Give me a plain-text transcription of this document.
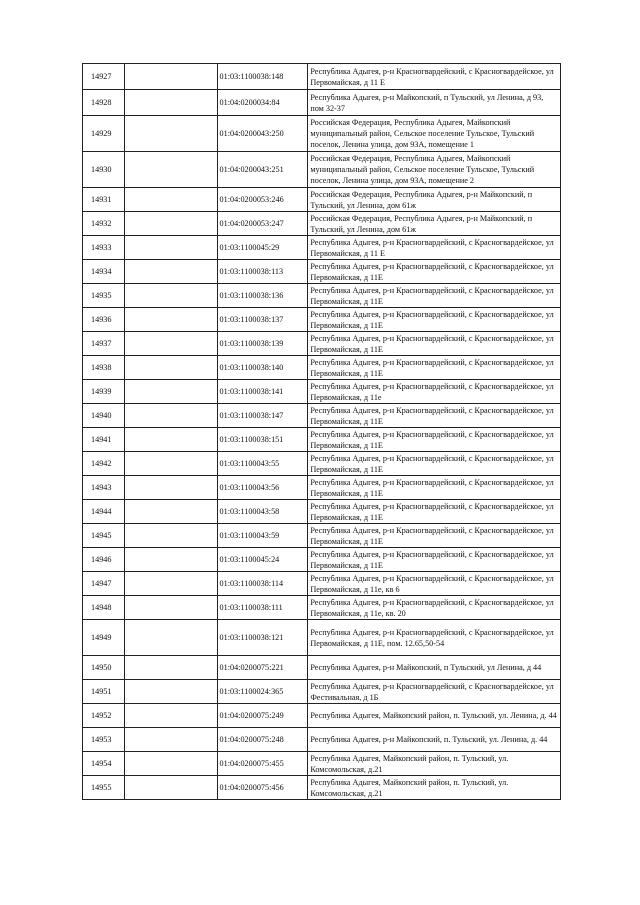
14927		01:03:1100038:148	Республика Адыгея, р-н Красногвардейский, с Красногвардейское, ул Первомайская, д 11 Е
14928		01:04:0200034:84	Республика Адыгея, р-н Майкопский, п Тульский, ул Ленина, д 93, пом 32-37
14929		01:04:0200043:250	Российская Федерация, Республика Адыгея, Майкопский муниципальный район, Сельское поселение Тульское, Тульский поселок, Ленина улица, дом 93А, помещение 1
14930		01:04:0200043:251	Российская Федерация, Республика Адыгея, Майкопский муниципальный район, Сельское поселение Тульское, Тульский поселок, Ленина улица, дом 93А, помещение 2
14931		01:04:0200053:246	Российская Федерация, Республика Адыгея, р-н Майкопский, п Тульский, ул Ленина, дом 61ж
14932		01:04:0200053:247	Российская Федерация, Республика Адыгея, р-н Майкопский, п Тульский, ул Ленина, дом 61ж
14933		01:03:1100045:29	Республика Адыгея, р-н Красногвардейский, с Красногвардейское, ул Первомайская, д 11 Е
14934		01:03:1100038:113	Республика Адыгея, р-н Красногвардейский, с Красногвардейское, ул Первомайская, д 11Е
14935		01:03:1100038:136	Республика Адыгея, р-н Красногвардейский, с Красногвардейское, ул Первомайская, д 11Е
14936		01:03:1100038:137	Республика Адыгея, р-н Красногвардейский, с Красногвардейское, ул Первомайская, д 11Е
14937		01:03:1100038:139	Республика Адыгея, р-н Красногвардейский, с Красногвардейское, ул Первомайская, д 11Е
14938		01:03:1100038:140	Республика Адыгея, р-н Красногвардейский, с Красногвардейское, ул Первомайская, д 11Е
14939		01:03:1100038:141	Республика Адыгея, р-н Красногвардейский, с Красногвардейское, ул Первомайская, д 11е
14940		01:03:1100038:147	Республика Адыгея, р-н Красногвардейский, с Красногвардейское, ул Первомайская, д 11Е
14941		01:03:1100038:151	Республика Адыгея, р-н Красногвардейский, с Красногвардейское, ул Первомайская, д 11Е
14942		01:03:1100043:55	Республика Адыгея, р-н Красногвардейский, с Красногвардейское, ул Первомайская, д 11Е
14943		01:03:1100043:56	Республика Адыгея, р-н Красногвардейский, с Красногвардейское, ул Первомайская, д 11Е
14944		01:03:1100043:58	Республика Адыгея, р-н Красногвардейский, с Красногвардейское, ул Первомайская, д 11Е
14945		01:03:1100043:59	Республика Адыгея, р-н Красногвардейский, с Красногвардейское, ул Первомайская, д 11Е
14946		01:03:1100045:24	Республика Адыгея, р-н Красногвардейский, с Красногвардейское, ул Первомайская, д 11Е
14947		01:03:1100038:114	Республика Адыгея, р-н Красногвардейский, с Красногвардейское, ул Первомайская, д 11е, кв 6
14948		01:03:1100038:111	Республика Адыгея, р-н Красногвардейский, с Красногвардейское, ул Первомайская, д 11е, кв. 20
14949		01:03:1100038:121	Республика Адыгея, р-н Красногвардейский, с Красногвардейское, ул Первомайская, д 11Е, пом. 12.65,50-54
14950		01:04:0200075:221	Республика Адыгея, р-н Майкопский, п Тульский, ул Ленина, д 44
14951		01:03:1100024:365	Республика Адыгея, р-н Красногвардейский, с Красногвардейское, ул Фестивальная, д 1Б
14952		01:04:0200075:249	Республика Адыгея, Майкопский район, п. Тульский, ул. Ленина, д. 44
14953		01:04:0200075:248	Республика Адыгея, р-н Майкопский, п. Тульский, ул. Ленина, д. 44
14954		01:04:0200075:455	Республика Адыгея, Майкопский район, п. Тульский, ул. Комсомольская, д.21
14955		01:04:0200075:456	Республика Адыгея, Майкопский район, п. Тульский, ул. Комсомольская, д.21
